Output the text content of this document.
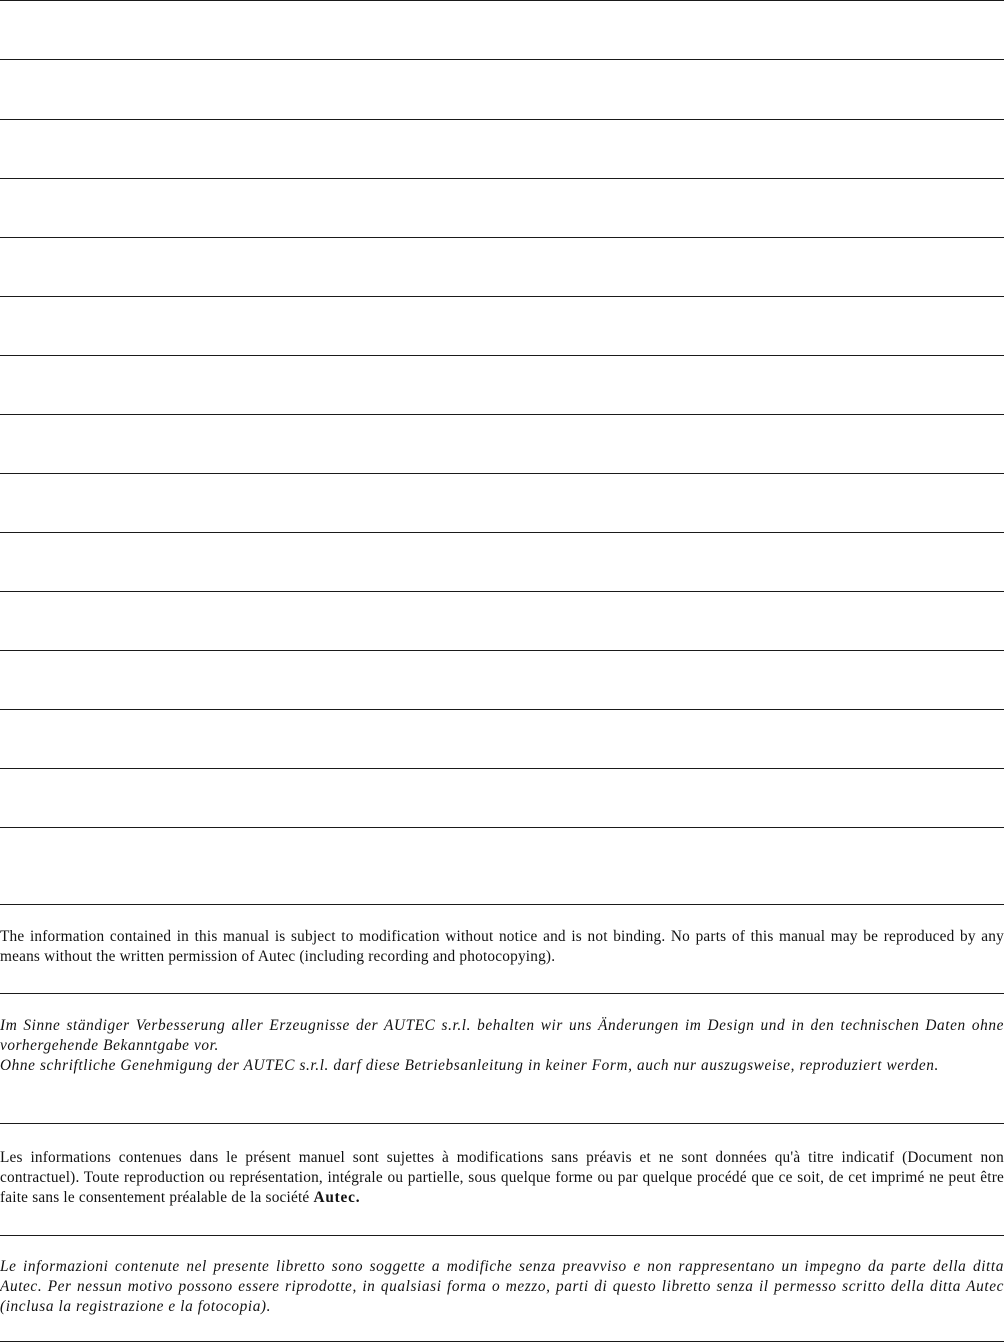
The information contained in this manual is subject to modification without notice and is not binding. No parts of this manual may be reproduced by any means without the written permission of Autec (including recording and photocopying).

Im Sinne ständiger Verbesserung aller Erzeugnisse der AUTEC s.r.l. behalten wir uns Änderungen im Design und in den technischen Daten ohne vorhergehende Bekanntgabe vor.

Ohne schriftliche Genehmigung der AUTEC s.r.l. darf diese Betriebsanleitung in keiner Form, auch nur auszugsweise, reproduziert werden.

Les informations contenues dans le présent manuel sont sujettes à modifications sans préavis et ne sont données qu'à titre indicatif (Document non contractuel). Toute reproduction ou représentation, intégrale ou partielle, sous quelque forme ou par quelque procédé que ce soit, de cet imprimé ne peut être faite sans le consentement préalable de la société Autec.

Le informazioni contenute nel presente libretto sono soggette a modifiche senza preavviso e non rappresentano un impegno da parte della ditta Autec. Per nessun motivo possono essere riprodotte, in qualsiasi forma o mezzo, parti di questo libretto senza il permesso scritto della ditta Autec (inclusa la registrazione e la fotocopia).
